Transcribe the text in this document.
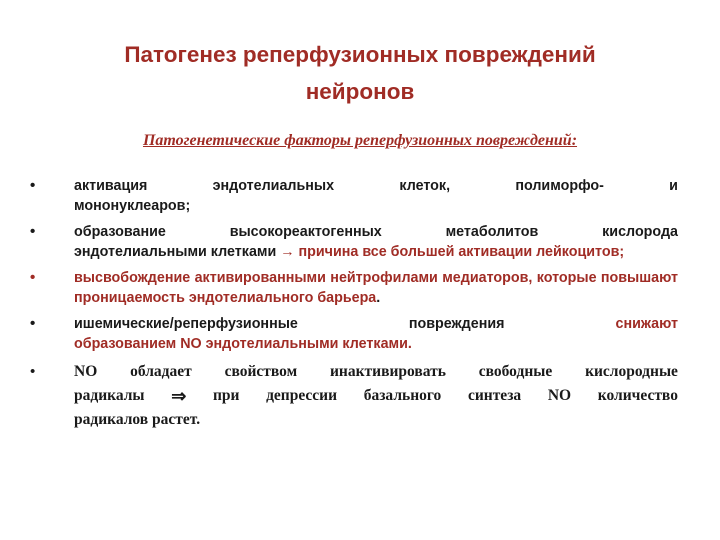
Патогенез реперфузионных повреждений
нейронов
Патогенетические факторы реперфузионных повреждений:
•	активация	эндотелиальных	клеток,	полиморфо-	и
мононуклеаров;
•	образование	высокореактогенных	метаболитов	кислорода
эндотелиальными клетками → причина все большей активации лейкоцитов;
•	высвобождение активированными нейтрофилами медиаторов, которые повышают проницаемость эндотелиального барьера.
•	ишемические/реперфузионные	повреждения	снижают
образованием NO эндотелиальными клетками.
•	NO обладает свойством инактивировать свободные кислородные
радикалы ⇒ при депрессии базального синтеза NO количество
радикалов растет.
